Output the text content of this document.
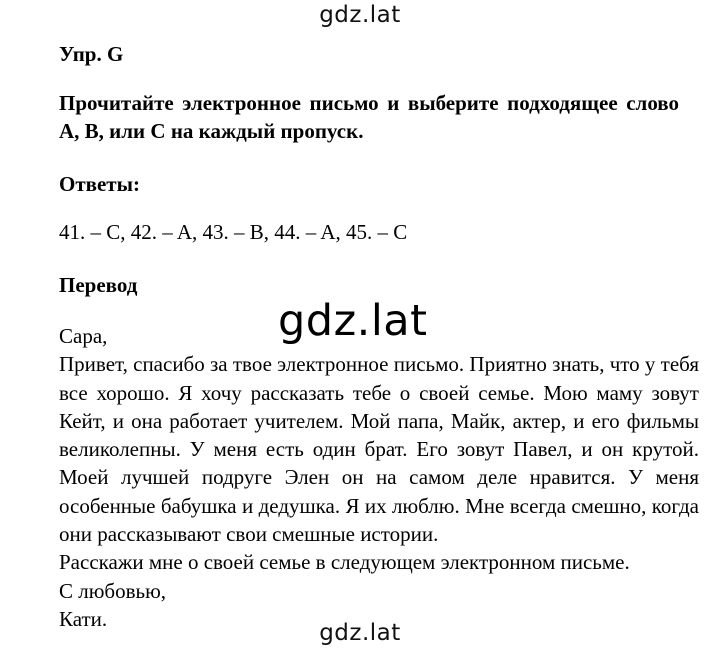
gdz.lat
Упр. G
Прочитайте электронное письмо и выберите подходящее слово A, B, или C на каждый пропуск.
Ответы:
41. – C, 42. – A, 43. – B, 44. – A, 45. – C
Перевод

Сара,

Привет, спасибо за твое электронное письмо. Приятно знать, что у тебя все хорошо. Я хочу рассказать тебе о своей семье. Мою маму зовут Кейт, и она работает учителем. Мой папа, Майк, актер, и его фильмы великолепны. У меня есть один брат. Его зовут Павел, и он крутой. Моей лучшей подруге Элен он на самом деле нравится. У меня особенные бабушка и дедушка. Я их люблю. Мне всегда смешно, когда они рассказывают свои смешные истории.

Расскажи мне о своей семье в следующем электронном письме.

С любовью,

Кати.

gdz.lat
gdz.lat
